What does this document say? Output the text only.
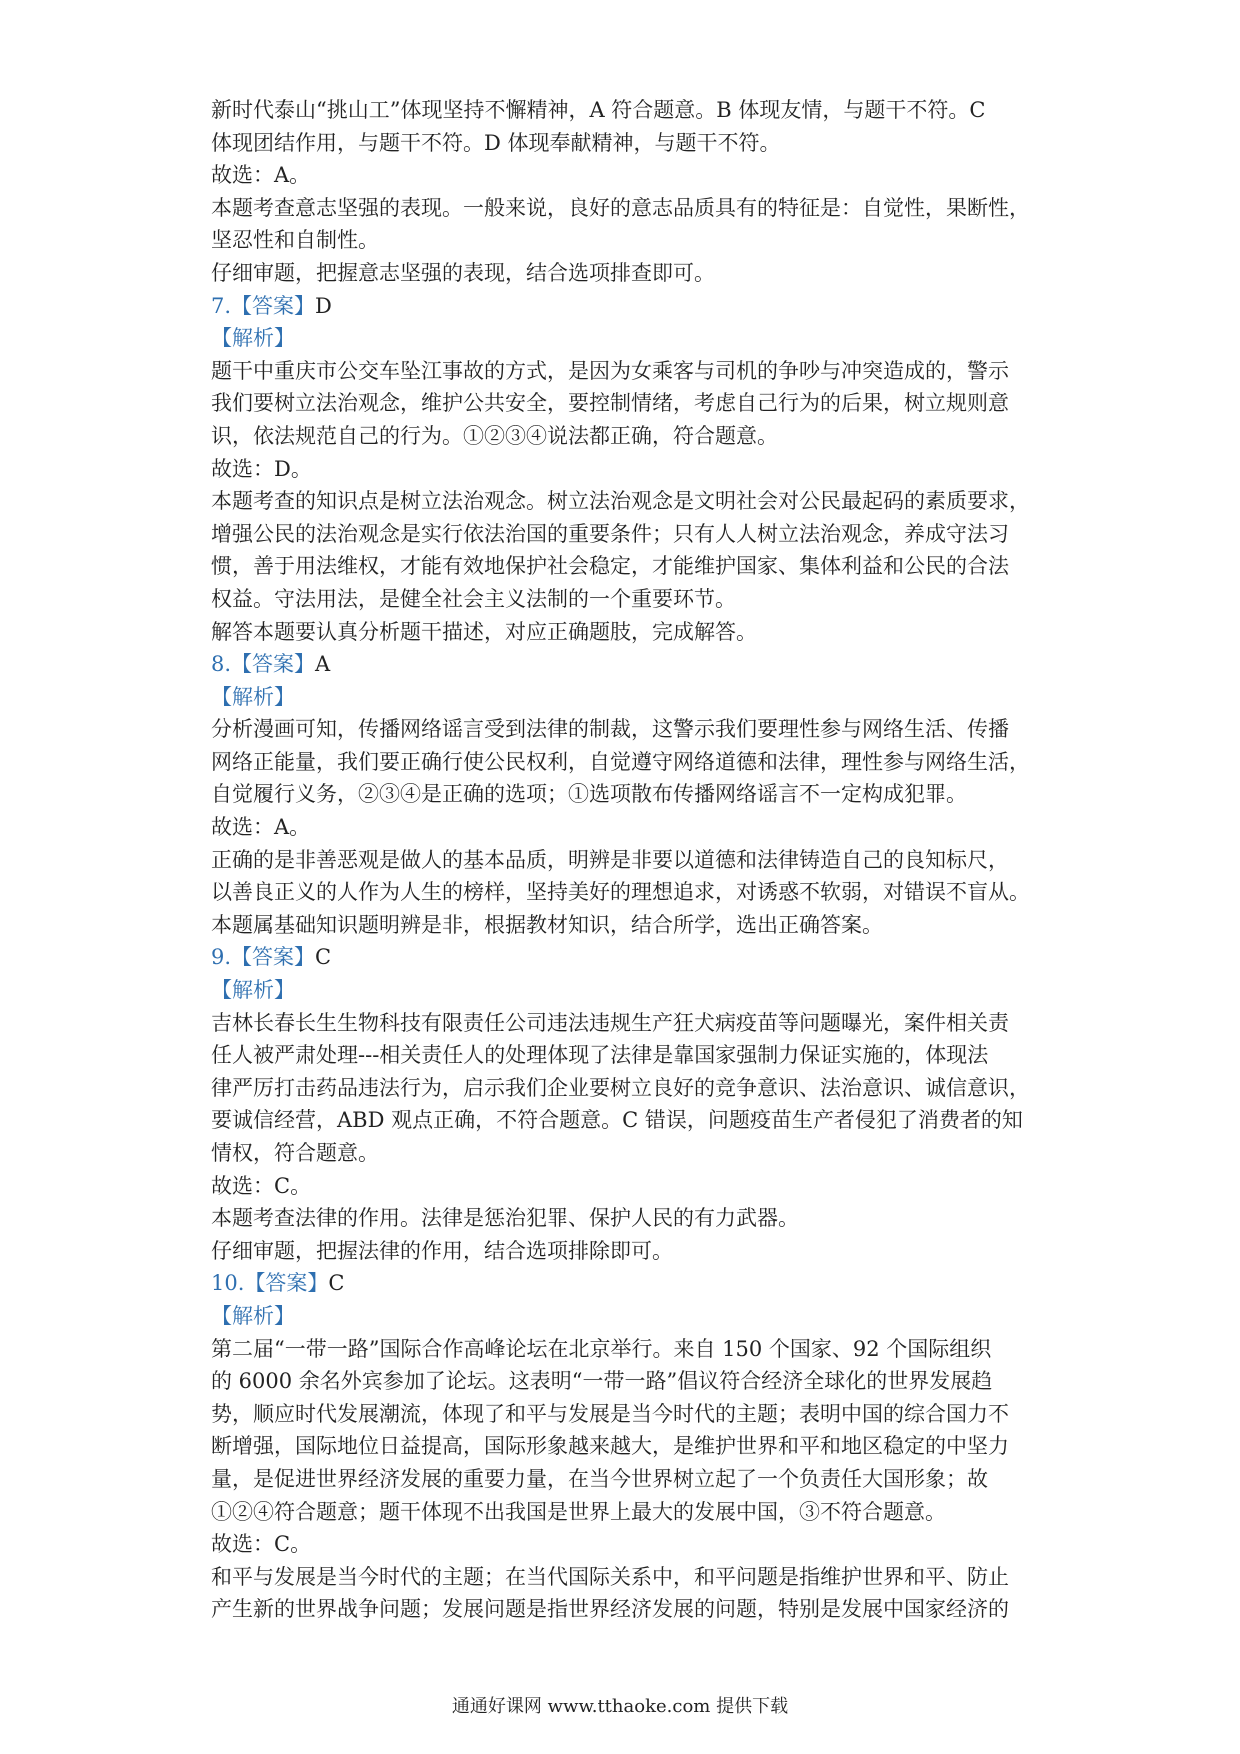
新时代泰山“挑山工”体现坚持不懈精神，A 符合题意。B 体现友情，与题干不符。C
体现团结作用，与题干不符。D 体现奉献精神，与题干不符。
故选：A。
本题考查意志坚强的表现。一般来说，良好的意志品质具有的特征是：自觉性，果断性，
坚忍性和自制性。
仔细审题，把握意志坚强的表现，结合选项排查即可。
7.【答案】D
【解析】
题干中重庆市公交车坠江事故的方式，是因为女乘客与司机的争吵与冲突造成的，警示
我们要树立法治观念，维护公共安全，要控制情绪，考虑自己行为的后果，树立规则意
识，依法规范自己的行为。①②③④说法都正确，符合题意。
故选：D。
本题考查的知识点是树立法治观念。树立法治观念是文明社会对公民最起码的素质要求，
增强公民的法治观念是实行依法治国的重要条件；只有人人树立法治观念，养成守法习
惯，善于用法维权，才能有效地保护社会稳定，才能维护国家、集体利益和公民的合法
权益。守法用法，是健全社会主义法制的一个重要环节。
解答本题要认真分析题干描述，对应正确题肢，完成解答。
8.【答案】A
【解析】
分析漫画可知，传播网络谣言受到法律的制裁，这警示我们要理性参与网络生活、传播
网络正能量，我们要正确行使公民权利，自觉遵守网络道德和法律，理性参与网络生活，
自觉履行义务，②③④是正确的选项；①选项散布传播网络谣言不一定构成犯罪。
故选：A。
正确的是非善恶观是做人的基本品质，明辨是非要以道德和法律铸造自己的良知标尺，
以善良正义的人作为人生的榜样，坚持美好的理想追求，对诱惑不软弱，对错误不盲从。
本题属基础知识题明辨是非，根据教材知识，结合所学，选出正确答案。
9.【答案】C
【解析】
吉林长春长生生物科技有限责任公司违法违规生产狂犬病疫苗等问题曝光，案件相关责
任人被严肃处理---相关责任人的处理体现了法律是靠国家强制力保证实施的，体现法
律严厉打击药品违法行为，启示我们企业要树立良好的竞争意识、法治意识、诚信意识，
要诚信经营，ABD 观点正确，不符合题意。C 错误，问题疫苗生产者侵犯了消费者的知
情权，符合题意。
故选：C。
本题考查法律的作用。法律是惩治犯罪、保护人民的有力武器。
仔细审题，把握法律的作用，结合选项排除即可。
10.【答案】C
【解析】
第二届“一带一路”国际合作高峰论坛在北京举行。来自 150 个国家、92 个国际组织
的 6000 余名外宾参加了论坛。这表明“一带一路”倡议符合经济全球化的世界发展趋
势，顺应时代发展潮流，体现了和平与发展是当今时代的主题；表明中国的综合国力不
断增强，国际地位日益提高，国际形象越来越大，是维护世界和平和地区稳定的中坚力
量，是促进世界经济发展的重要力量，在当今世界树立起了一个负责任大国形象；故
①②④符合题意；题干体现不出我国是世界上最大的发展中国，③不符合题意。
故选：C。
和平与发展是当今时代的主题；在当代国际关系中，和平问题是指维护世界和平、防止
产生新的世界战争问题；发展问题是指世界经济发展的问题，特别是发展中国家经济的
通通好课网 www.tthaoke.com 提供下载
